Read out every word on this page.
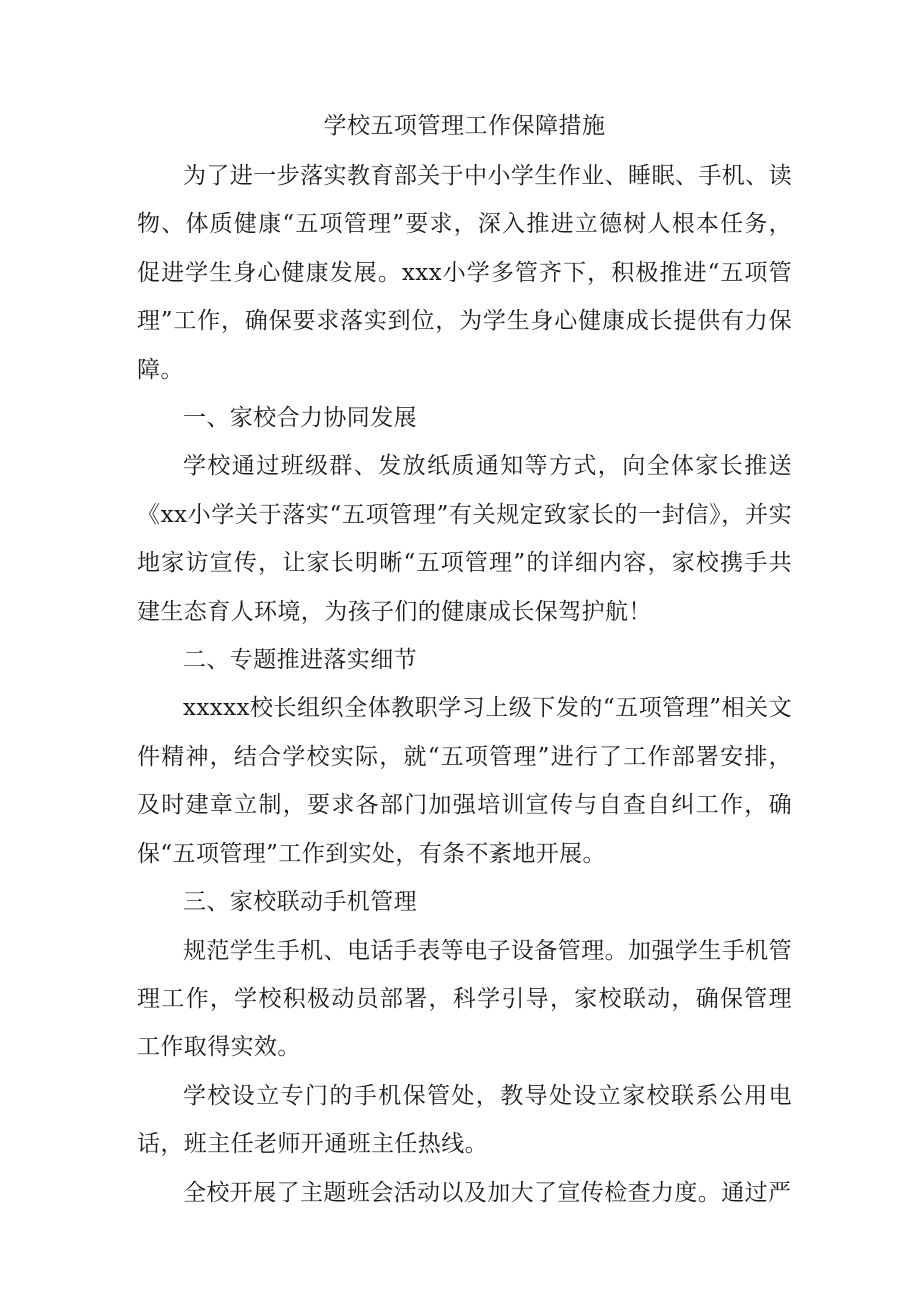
学校五项管理工作保障措施

为了进一步落实教育部关于中小学生作业、睡眠、手机、读物、体质健康“五项管理”要求，深入推进立德树人根本任务，促进学生身心健康发展。xxx小学多管齐下，积极推进“五项管理”工作，确保要求落实到位，为学生身心健康成长提供有力保障。

一、家校合力协同发展

学校通过班级群、发放纸质通知等方式，向全体家长推送《xx小学关于落实“五项管理”有关规定致家长的一封信》，并实地家访宣传，让家长明晰“五项管理”的详细内容，家校携手共建生态育人环境，为孩子们的健康成长保驾护航！

二、专题推进落实细节

xxxxx校长组织全体教职学习上级下发的“五项管理”相关文件精神，结合学校实际，就“五项管理”进行了工作部署安排，及时建章立制，要求各部门加强培训宣传与自查自纠工作，确保“五项管理”工作到实处，有条不紊地开展。

三、家校联动手机管理

规范学生手机、电话手表等电子设备管理。加强学生手机管理工作，学校积极动员部署，科学引导，家校联动，确保管理工作取得实效。

学校设立专门的手机保管处，教导处设立家校联系公用电话，班主任老师开通班主任热线。

全校开展了主题班会活动以及加大了宣传检查力度。通过严
